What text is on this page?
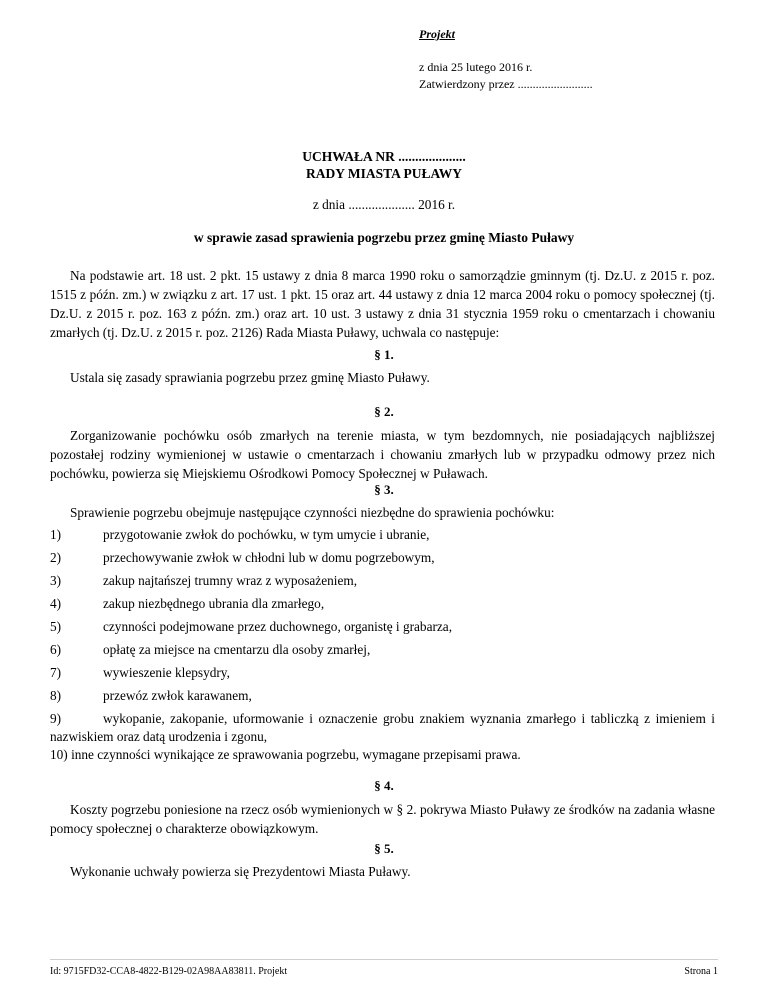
Projekt
z dnia 25 lutego 2016 r.
Zatwierdzony przez .........................
UCHWAŁA NR ....................
RADY MIASTA PUŁAWY
z dnia .................... 2016 r.
w sprawie zasad sprawienia pogrzebu przez gminę Miasto Puławy
Na podstawie art. 18 ust. 2 pkt. 15 ustawy z dnia 8 marca 1990 roku o samorządzie gminnym (tj. Dz.U. z 2015 r. poz. 1515 z późn. zm.) w związku z art. 17 ust. 1 pkt. 15 oraz art. 44 ustawy z dnia 12 marca 2004 roku o pomocy społecznej (tj. Dz.U. z 2015 r. poz. 163 z późn. zm.) oraz art. 10 ust. 3 ustawy z dnia 31 stycznia 1959 roku o cmentarzach i chowaniu zmarłych (tj. Dz.U. z 2015 r. poz. 2126) Rada Miasta Puławy, uchwala co następuje:
§ 1.
Ustala się zasady sprawiania pogrzebu przez gminę Miasto Puławy.
§ 2.
Zorganizowanie pochówku osób zmarłych na terenie miasta, w tym bezdomnych, nie posiadających najbliższej pozostałej rodziny wymienionej w ustawie o cmentarzach i chowaniu zmarłych lub w przypadku odmowy przez nich pochówku, powierza się Miejskiemu Ośrodkowi Pomocy Społecznej w Puławach.
§ 3.
Sprawienie pogrzebu obejmuje następujące czynności niezbędne do sprawienia pochówku:
1)	przygotowanie zwłok do pochówku, w tym umycie i ubranie,
2)	przechowywanie zwłok w chłodni lub w domu pogrzebowym,
3)	zakup najtańszej trumny wraz z wyposażeniem,
4)	zakup niezbędnego ubrania dla zmarłego,
5)	czynności podejmowane przez duchownego, organistę i grabarza,
6)	opłatę za miejsce na cmentarzu dla osoby zmarłej,
7)	wywieszenie klepsydry,
8)	przewóz zwłok karawanem,
9)	wykopanie, zakopanie, uformowanie i oznaczenie grobu znakiem wyznania zmarłego i tabliczką z imieniem i nazwiskiem oraz datą urodzenia i zgonu,
10) inne czynności wynikające ze sprawowania pogrzebu, wymagane przepisami prawa.
§ 4.
Koszty pogrzebu poniesione na rzecz osób wymienionych w § 2. pokrywa Miasto Puławy ze środków na zadania własne pomocy społecznej o charakterze obowiązkowym.
§ 5.
Wykonanie uchwały powierza się Prezydentowi Miasta Puławy.
Id: 9715FD32-CCA8-4822-B129-02A98AA83811. Projekt	Strona 1
